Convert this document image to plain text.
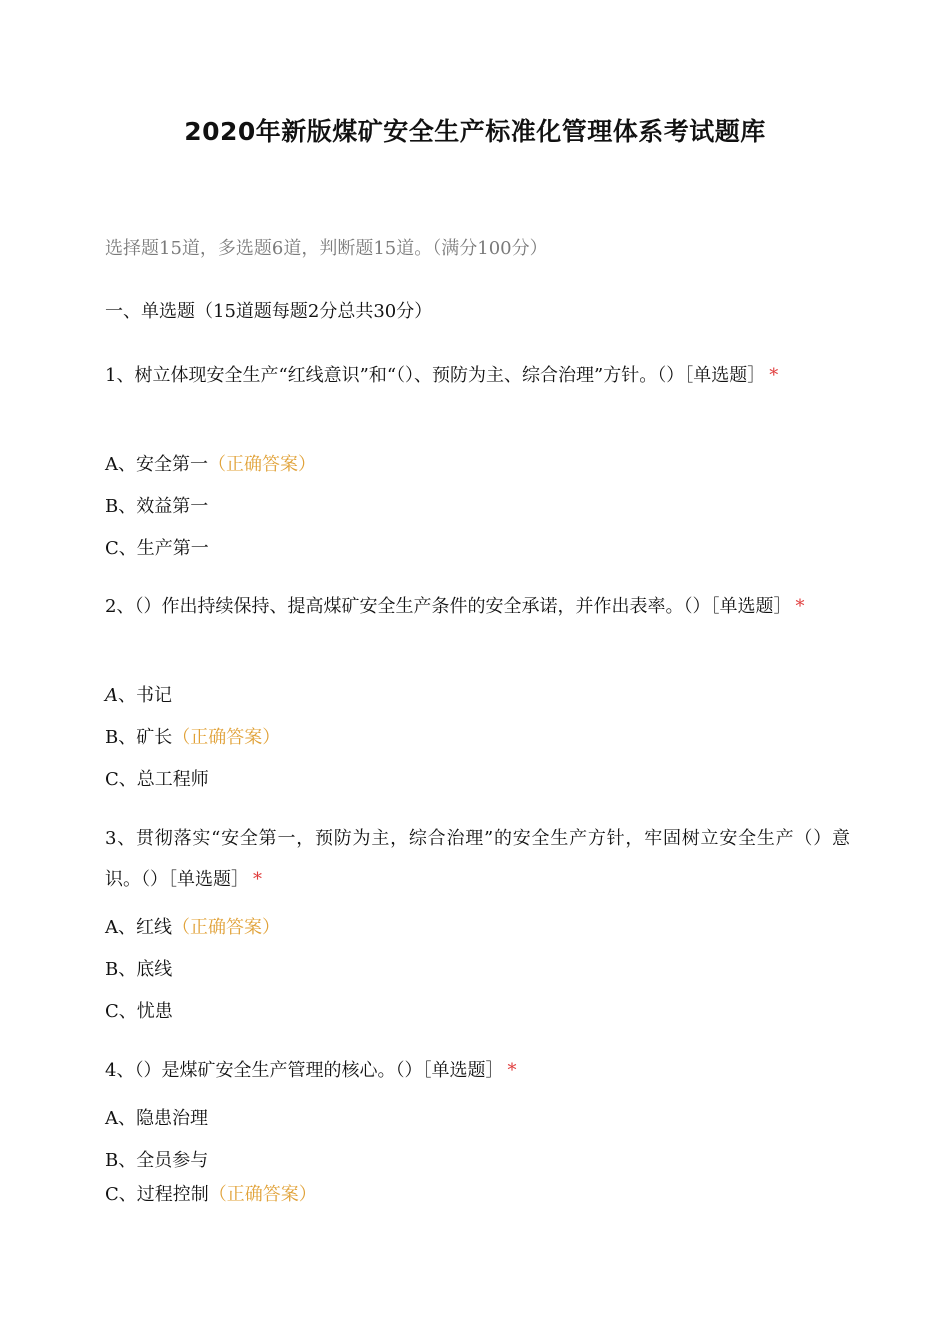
2020年新版煤矿安全生产标准化管理体系考试题库
选择题15道，多选题6道，判断题15道。（满分100分）
一、单选题（15道题每题2分总共30分）
1、树立体现安全生产“红线意识”和“（）、预防为主、综合治理”方针。（）［单选题］ *
A、安全第一（正确答案）
B、效益第一
C、生产第一
2、（）作出持续保持、提高煤矿安全生产条件的安全承诺，并作出表率。（）［单选题］ *
A、书记
B、矿长（正确答案）
C、总工程师
3、贯彻落实“安全第一，预防为主，综合治理”的安全生产方针，牢固树立安全生产（）意识。（）［单选题］ *
A、红线（正确答案）
B、底线
C、忧患
4、（）是煤矿安全生产管理的核心。（）［单选题］ *
A、隐患治理
B、全员参与
C、过程控制（正确答案）
